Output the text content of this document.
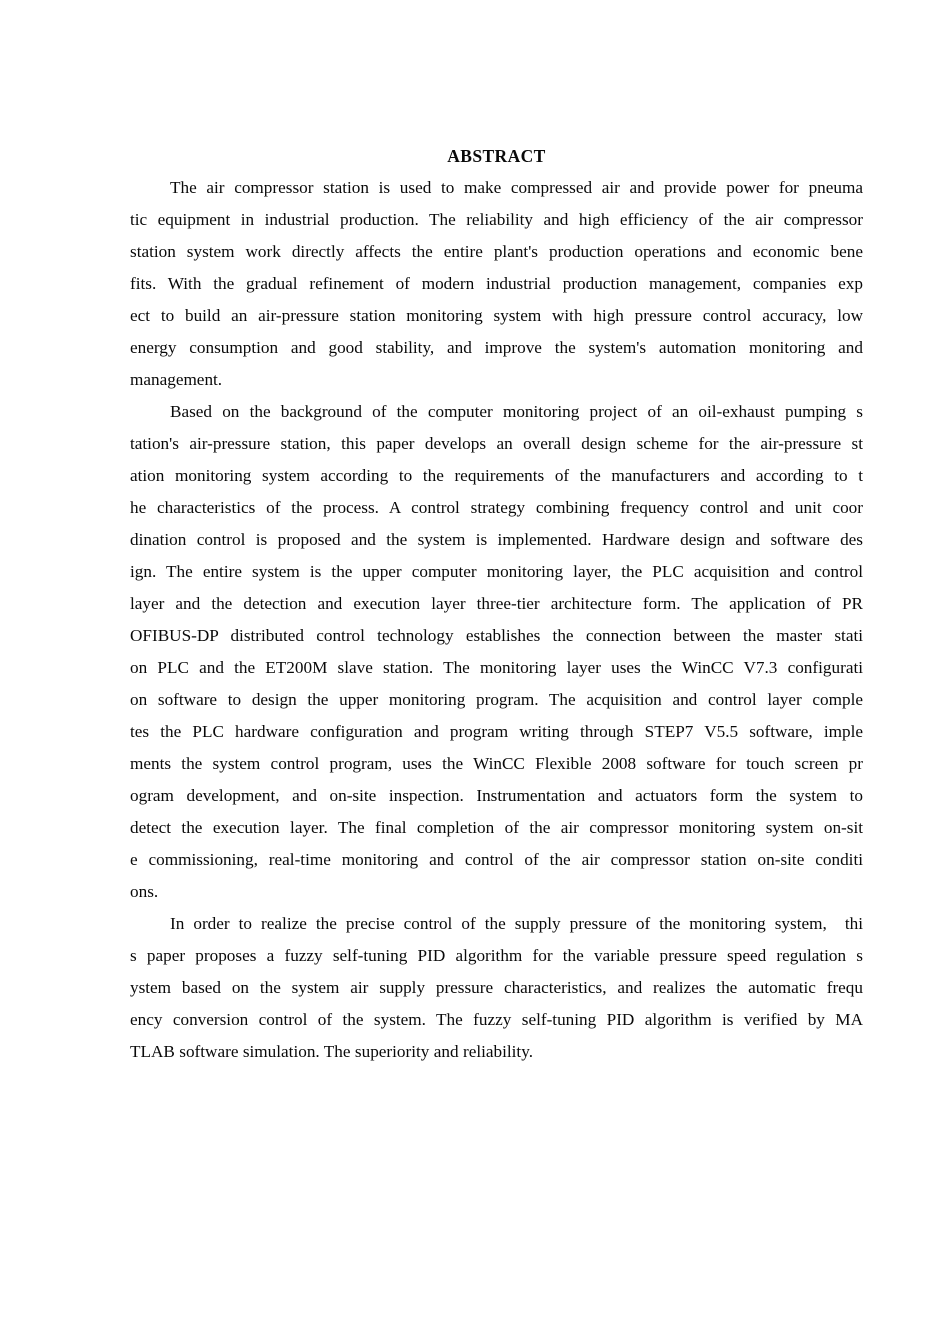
ABSTRACT

The air compressor station is used to make compressed air and provide power for pneuma
tic equipment in industrial production. The reliability and high efficiency of the air compressor
station system work directly affects the entire plant's production operations and economic bene
fits. With the gradual refinement of modern industrial production management, companies exp
ect to build an air-pressure station monitoring system with high pressure control accuracy, low
energy consumption and good stability, and improve the system's automation monitoring and
management.

Based on the background of the computer monitoring project of an oil-exhaust pumping s
tation's air-pressure station, this paper develops an overall design scheme for the air-pressure st
ation monitoring system according to the requirements of the manufacturers and according to t
he characteristics of the process. A control strategy combining frequency control and unit coor
dination control is proposed and the system is implemented. Hardware design and software des
ign. The entire system is the upper computer monitoring layer, the PLC acquisition and control
layer and the detection and execution layer three-tier architecture form. The application of PR
OFIBUS-DP distributed control technology establishes the connection between the master stati
on PLC and the ET200M slave station. The monitoring layer uses the WinCC V7.3 configurati
on software to design the upper monitoring program. The acquisition and control layer comple
tes the PLC hardware configuration and program writing through STEP7 V5.5 software, imple
ments the system control program, uses the WinCC Flexible 2008 software for touch screen pr
ogram development, and on-site inspection. Instrumentation and actuators form the system to
detect the execution layer. The final completion of the air compressor monitoring system on-sit
e commissioning, real-time monitoring and control of the air compressor station on-site conditi
ons.

In order to realize the precise control of the supply pressure of the monitoring system,  thi
s paper proposes a fuzzy self-tuning PID algorithm for the variable pressure speed regulation s
ystem based on the system air supply pressure characteristics, and realizes the automatic frequ
ency conversion control of the system. The fuzzy self-tuning PID algorithm is verified by MA
TLAB software simulation. The superiority and reliability.
